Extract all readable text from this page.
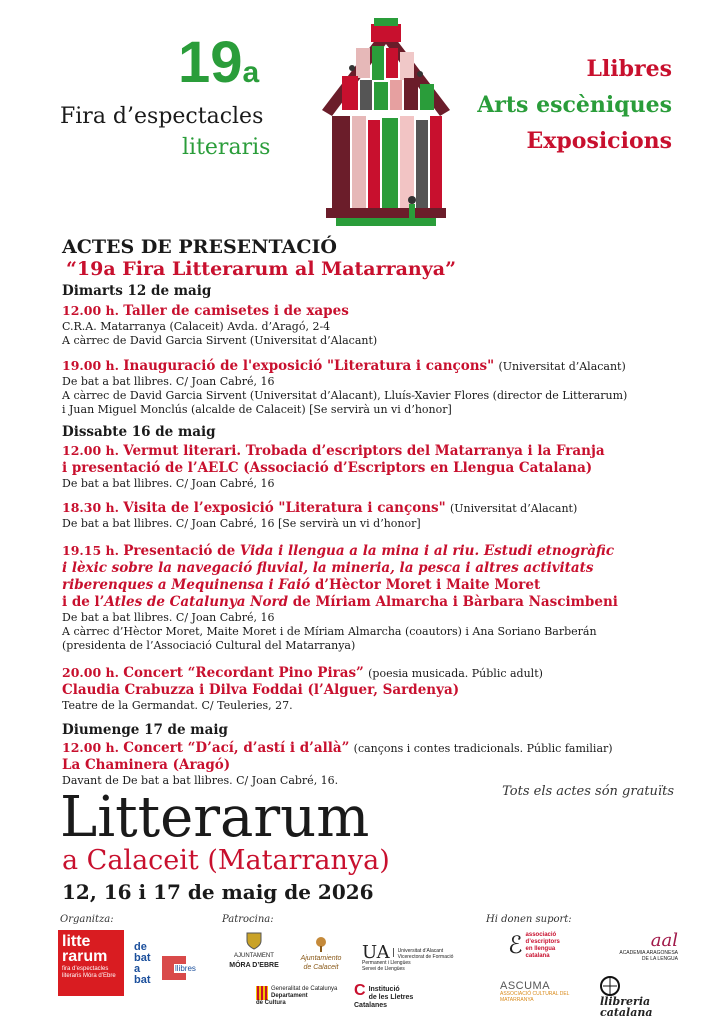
19a
Fira d’espectacles
literaris
Llibres
Arts escèniques
Exposicions
ACTES DE PRESENTACIÓ
“19a Fira Litterarum al Matarranya”
Dimarts 12 de maig
12.00 h. Taller de camisetes i de xapes
C.R.A. Matarranya (Calaceit) Avda. d’Aragó, 2-4
A càrrec de David Garcia Sirvent (Universitat d’Alacant)
19.00 h. Inauguració de l'exposició "Literatura i cançons" (Universitat d’Alacant)
De bat a bat llibres. C/ Joan Cabré, 16
A càrrec de David Garcia Sirvent (Universitat d’Alacant), Lluís-Xavier Flores (director de Litterarum)
i Juan Miguel Monclús (alcalde de Calaceit) [Se servirà un vi d’honor]
Dissabte 16 de maig
12.00 h. Vermut literari. Trobada d’escriptors del Matarranya i la Franja
i presentació de l’AELC (Associació d’Escriptors en Llengua Catalana)
De bat a bat llibres. C/ Joan Cabré, 16
18.30 h. Visita de l’exposició "Literatura i cançons" (Universitat d’Alacant)
De bat a bat llibres. C/ Joan Cabré, 16 [Se servirà un vi d’honor]
19.15 h. Presentació de Vida i llengua a la mina i al riu. Estudi etnogràfic
i lèxic sobre la navegació fluvial, la mineria, la pesca i altres activitats
riberenques a Mequinensa i Faió d’Hèctor Moret i Maite Moret
i de l’Atles de Catalunya Nord de Míriam Almarcha i Bàrbara Nascimbeni
De bat a bat llibres. C/ Joan Cabré, 16
A càrrec d’Hèctor Moret, Maite Moret i de Míriam Almarcha (coautors) i Ana Soriano Barberán
(presidenta de l’Associació Cultural del Matarranya)
20.00 h. Concert “Recordant Pino Piras” (poesia musicada. Públic adult)
Claudia Crabuzza i Dilva Foddai (l’Alguer, Sardenya)
Teatre de la Germandat. C/ Teuleries, 27.
Diumenge 17 de maig
12.00 h. Concert “D’ací, d’astí i d’allà” (cançons i contes tradicionals. Públic familiar)
La Chaminera (Aragó)
Davant de De bat a bat llibres. C/ Joan Cabré, 16.
Tots els actes són gratuïts
Litterarum
a Calaceit (Matarranya)
12, 16 i 17 de maig de 2026
Organitza:	Patrocina:	Hi donen suport:
litte
rarum
fira d’espectacles literaris Móra d’Ebre
de
bat
a
bat
llibres
AJUNTAMENT
MÓRA D’EBRE
Ajuntamiento de Calaceit
UA	Universitat d’Alacant
Vicerectorat de Formació Permanent i Llengües
Servei de Llengües
Generalitat de Catalunya
Departament
de Cultura
C Institució
de les Lletres
Catalanes
ℰ associació
d’escriptors
en llengua
catalana
aal
ACADEMIA ARAGONESA
DE LA LENGUA
ASCUMA
ASSOCIACIÓ CULTURAL DEL MATARRANYA	llibreria
catalana
